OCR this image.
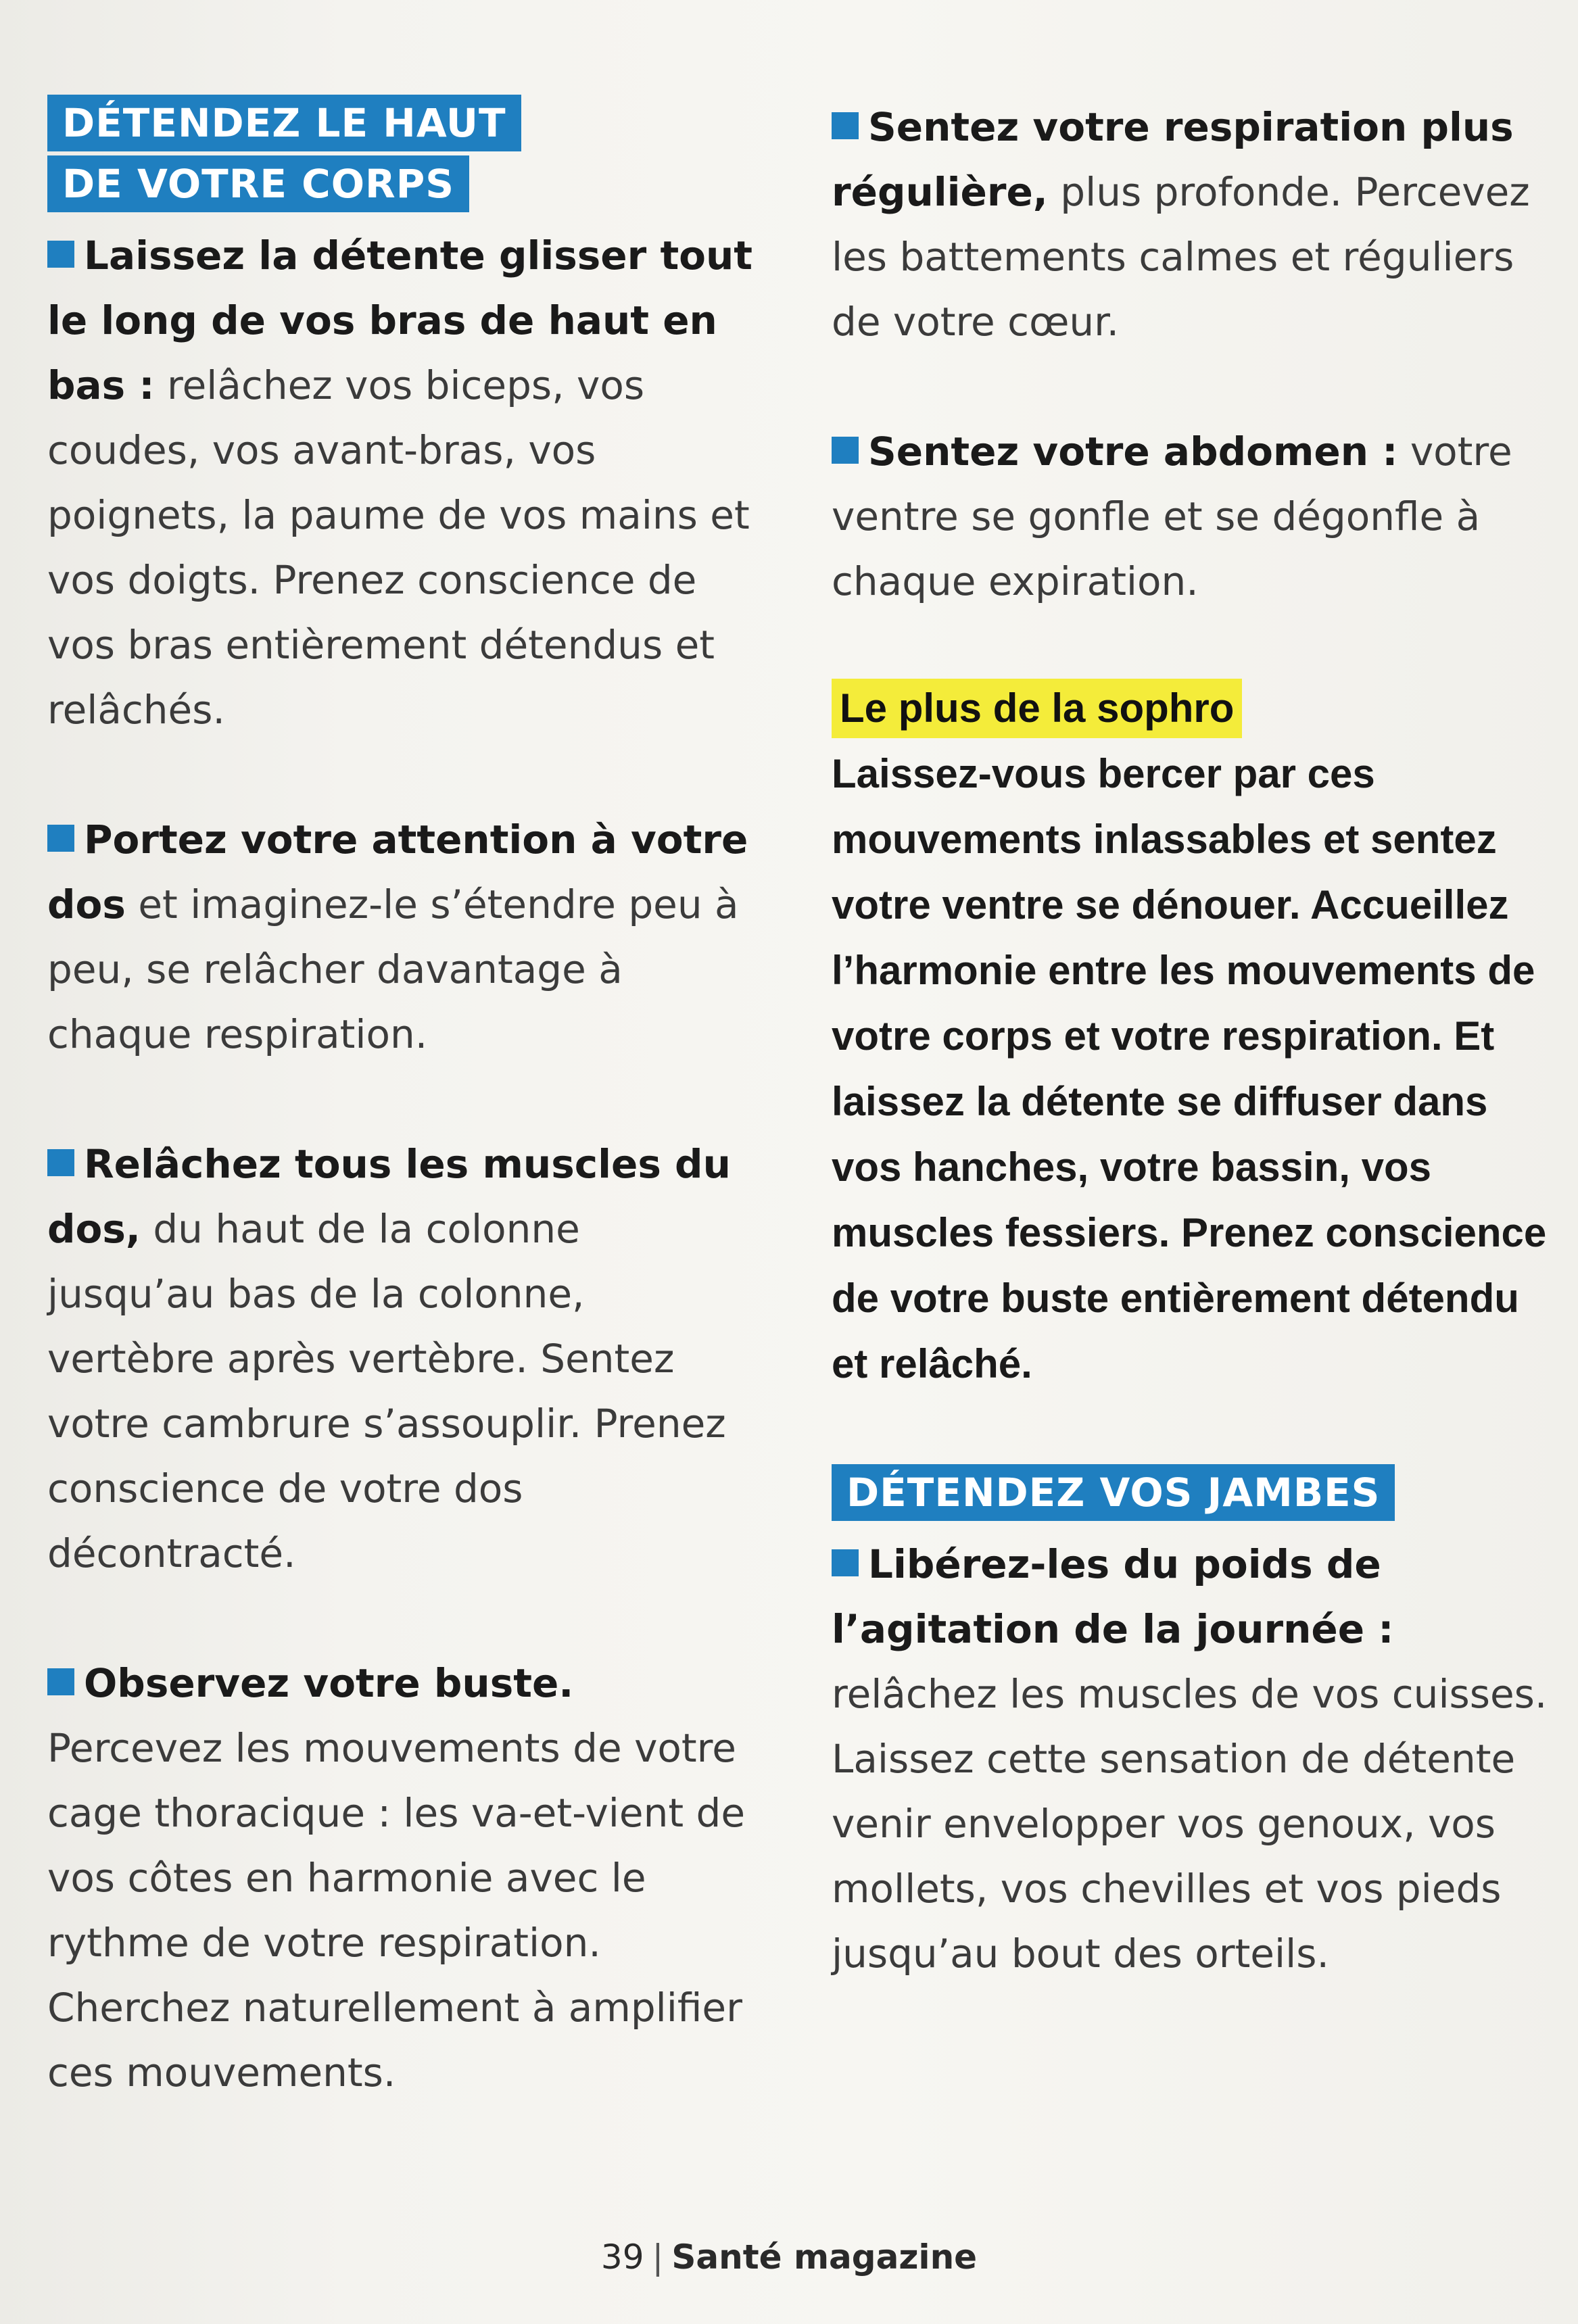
DÉTENDEZ LE HAUT
DE VOTRE CORPS

Laissez la détente glisser tout le long de vos bras de haut en bas : relâchez vos biceps, vos coudes, vos avant-bras, vos poignets, la paume de vos mains et vos doigts. Prenez conscience de vos bras entièrement détendus et relâchés.

Portez votre attention à votre dos et imaginez-le s’étendre peu à peu, se relâcher davantage à chaque respiration.

Relâchez tous les muscles du dos, du haut de la colonne jusqu’au bas de la colonne, vertèbre après vertèbre. Sentez votre cambrure s’assouplir. Prenez conscience de votre dos décontracté.

Observez votre buste. Percevez les mouvements de votre cage thoracique : les va-et-vient de vos côtes en harmonie avec le rythme de votre respiration. Cherchez naturellement à amplifier ces mouvements.

Sentez votre respiration plus régulière, plus profonde. Percevez les battements calmes et réguliers de votre cœur.

Sentez votre abdomen : votre ventre se gonfle et se dégonfle à chaque expiration.

Le plus de la sophro

Laissez-vous bercer par ces mouvements inlassables et sentez votre ventre se dénouer. Accueillez l’harmonie entre les mouvements de votre corps et votre respiration. Et laissez la détente se diffuser dans vos hanches, votre bassin, vos muscles fessiers. Prenez conscience de votre buste entièrement détendu et relâché.

DÉTENDEZ VOS JAMBES

Libérez-les du poids de l’agitation de la journée : relâchez les muscles de vos cuisses. Laissez cette sensation de détente venir envelopper vos genoux, vos mollets, vos chevilles et vos pieds jusqu’au bout des orteils.

39 | Santé magazine
